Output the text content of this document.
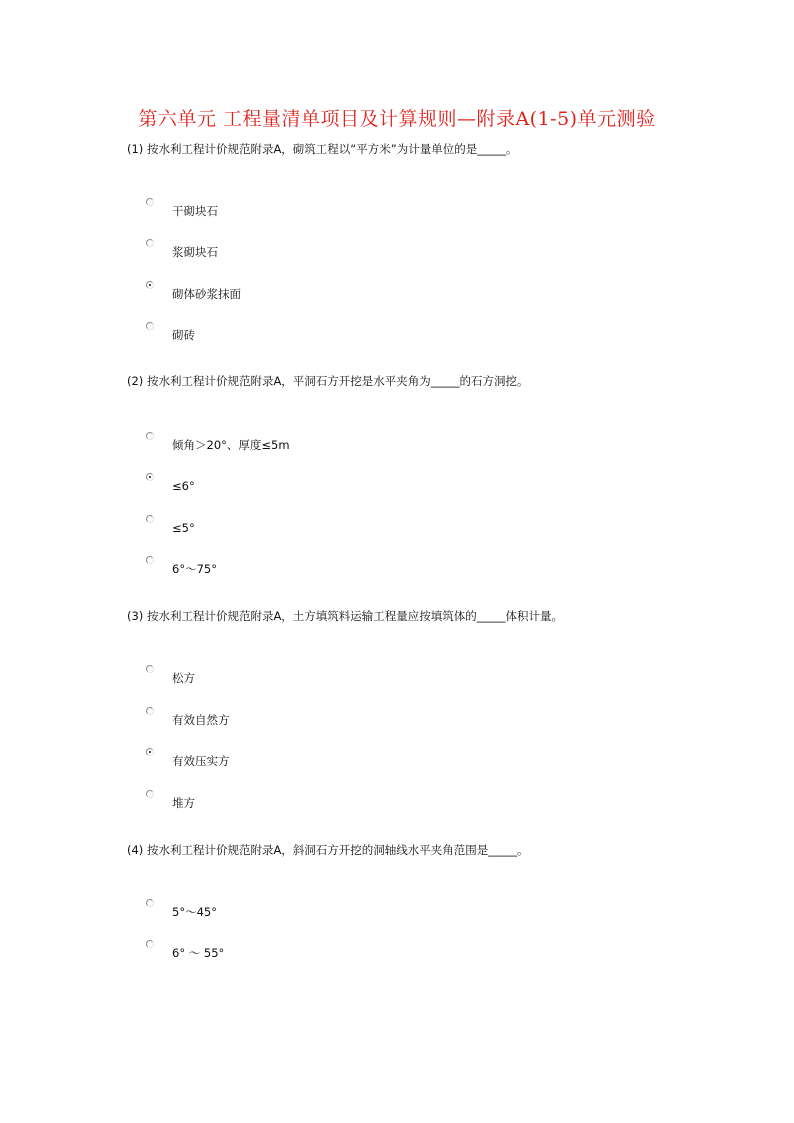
第六单元 工程量清单项目及计算规则—附录A(1-5)单元测验
(1) 按水利工程计价规范附录A，砌筑工程以“平方米”为计量单位的是_____。
干砌块石
浆砌块石
砌体砂浆抹面
砌砖
(2) 按水利工程计价规范附录A，平洞石方开挖是水平夹角为_____的石方洞挖。
倾角＞20°、厚度≤5m
≤6°
≤5°
6°～75°
(3) 按水利工程计价规范附录A，土方填筑料运输工程量应按填筑体的_____体积计量。
松方
有效自然方
有效压实方
堆方
(4) 按水利工程计价规范附录A，斜洞石方开挖的洞轴线水平夹角范围是_____。
5°～45°
6° ～ 55°
